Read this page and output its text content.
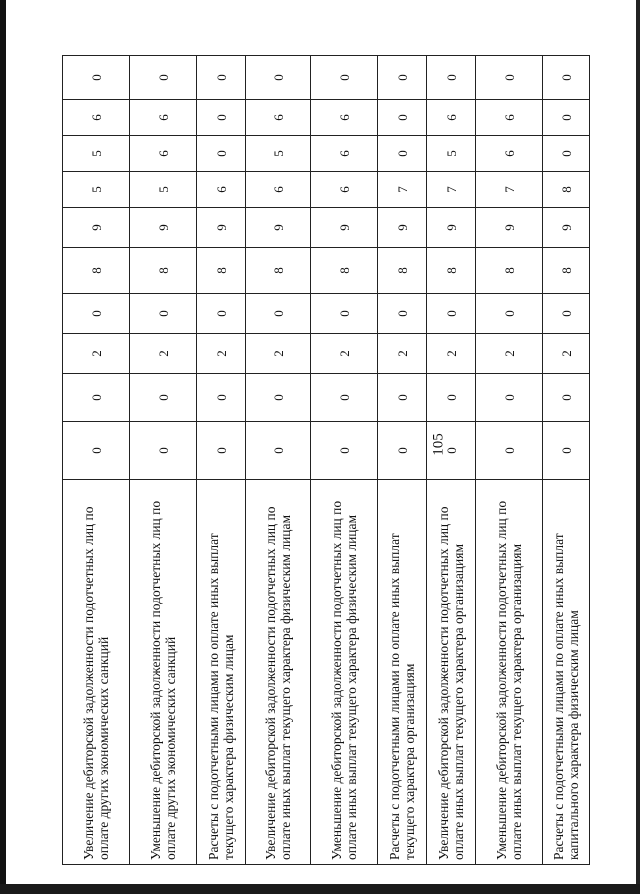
105
Увеличение дебиторской задолженности подотчетных лиц по оплате других экономических санкций	0	0	2	0	8	9	5	5	6	0
Уменьшение дебиторской задолженности подотчетных лиц по оплате других экономических санкций	0	0	2	0	8	9	5	6	6	0
Расчеты с подотчетными лицами по оплате иных выплат текущего характера физическим лицам	0	0	2	0	8	9	6	0	0	0
Увеличение дебиторской задолженности подотчетных лиц по оплате иных выплат текущего характера физическим лицам	0	0	2	0	8	9	6	5	6	0
Уменьшение дебиторской задолженности подотчетных лиц по оплате иных выплат текущего характера физическим лицам	0	0	2	0	8	9	6	6	6	0
Расчеты с подотчетными лицами по оплате иных выплат текущего характера организациям	0	0	2	0	8	9	7	0	0	0
Увеличение дебиторской задолженности подотчетных лиц по оплате иных выплат текущего характера организациям	0	0	2	0	8	9	7	5	6	0
Уменьшение дебиторской задолженности подотчетных лиц по оплате иных выплат текущего характера организациям	0	0	2	0	8	9	7	6	6	0
Расчеты с подотчетными лицами по оплате иных выплат капитального характера физическим лицам	0	0	2	0	8	9	8	0	0	0
